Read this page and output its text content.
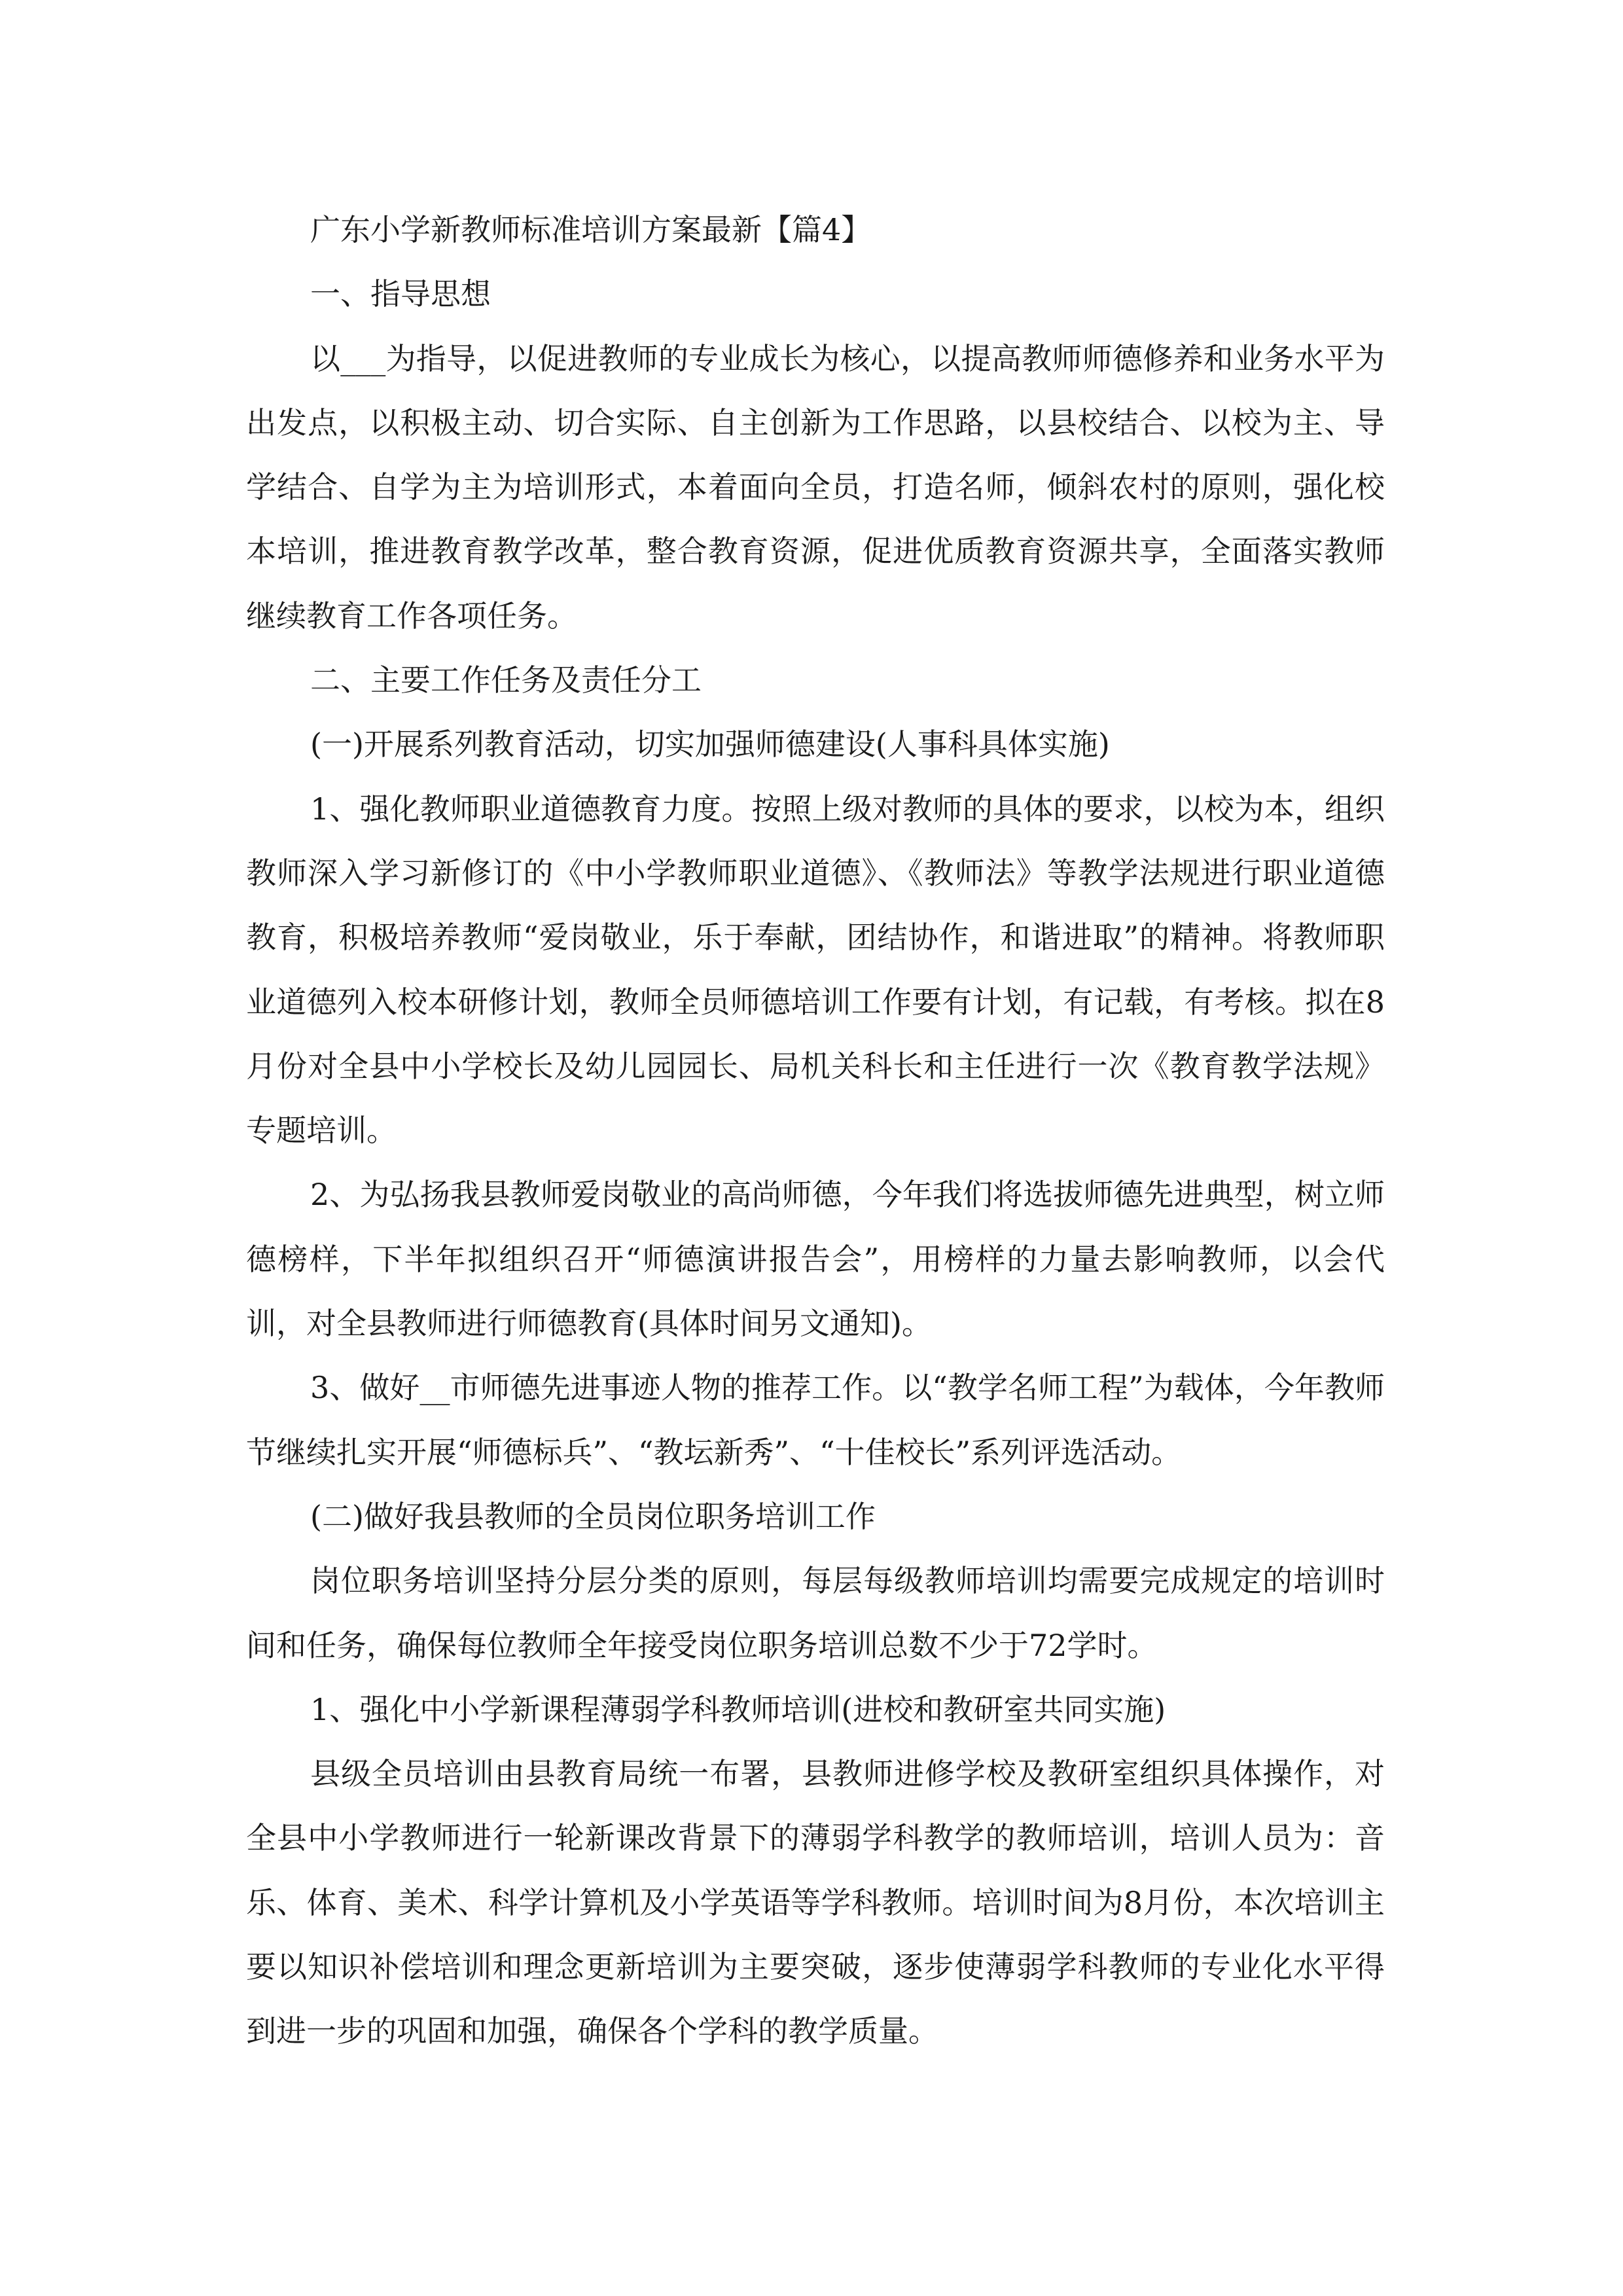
广东小学新教师标准培训方案最新【篇4】

一、指导思想

以___为指导，以促进教师的专业成长为核心，以提高教师师德修养和业务水平为出发点，以积极主动、切合实际、自主创新为工作思路，以县校结合、以校为主、导学结合、自学为主为培训形式，本着面向全员，打造名师，倾斜农村的原则，强化校本培训，推进教育教学改革，整合教育资源，促进优质教育资源共享，全面落实教师继续教育工作各项任务。

二、主要工作任务及责任分工

(一)开展系列教育活动，切实加强师德建设(人事科具体实施)

1、强化教师职业道德教育力度。按照上级对教师的具体的要求，以校为本，组织教师深入学习新修订的《中小学教师职业道德》、《教师法》等教学法规进行职业道德教育，积极培养教师“爱岗敬业，乐于奉献，团结协作，和谐进取”的精神。将教师职业道德列入校本研修计划，教师全员师德培训工作要有计划，有记载，有考核。拟在8月份对全县中小学校长及幼儿园园长、局机关科长和主任进行一次《教育教学法规》专题培训。

2、为弘扬我县教师爱岗敬业的高尚师德，今年我们将选拔师德先进典型，树立师德榜样，下半年拟组织召开“师德演讲报告会”，用榜样的力量去影响教师，以会代训，对全县教师进行师德教育(具体时间另文通知)。

3、做好__市师德先进事迹人物的推荐工作。以“教学名师工程”为载体，今年教师节继续扎实开展“师德标兵”、“教坛新秀”、“十佳校长”系列评选活动。

(二)做好我县教师的全员岗位职务培训工作

岗位职务培训坚持分层分类的原则，每层每级教师培训均需要完成规定的培训时间和任务，确保每位教师全年接受岗位职务培训总数不少于72学时。

1、强化中小学新课程薄弱学科教师培训(进校和教研室共同实施)

县级全员培训由县教育局统一布署，县教师进修学校及教研室组织具体操作，对全县中小学教师进行一轮新课改背景下的薄弱学科教学的教师培训，培训人员为：音乐、体育、美术、科学计算机及小学英语等学科教师。培训时间为8月份，本次培训主要以知识补偿培训和理念更新培训为主要突破，逐步使薄弱学科教师的专业化水平得到进一步的巩固和加强，确保各个学科的教学质量。
